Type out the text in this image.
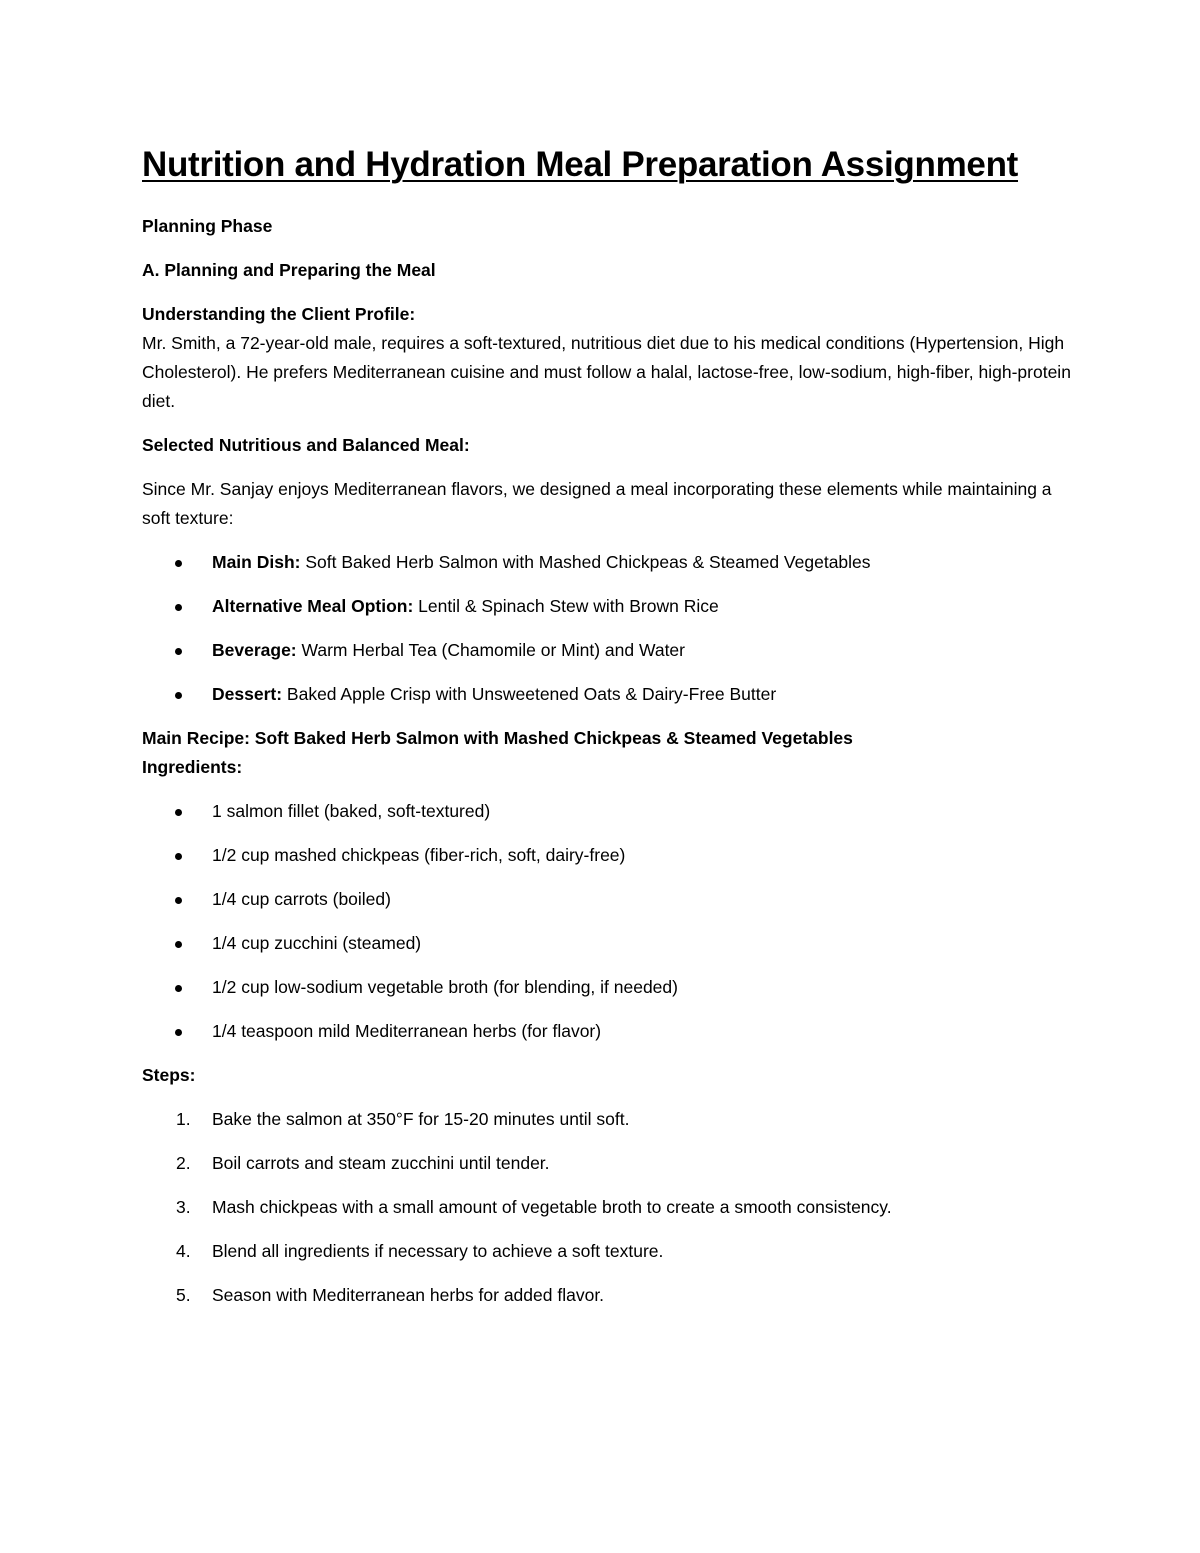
Nutrition and Hydration Meal Preparation Assignment
Planning Phase
A. Planning and Preparing the Meal
Understanding the Client Profile:

Mr. Smith, a 72-year-old male, requires a soft-textured, nutritious diet due to his medical conditions (Hypertension, High Cholesterol). He prefers Mediterranean cuisine and must follow a halal, lactose-free, low-sodium, high-fiber, high-protein diet.

Selected Nutritious and Balanced Meal:

Since Mr. Sanjay enjoys Mediterranean flavors, we designed a meal incorporating these elements while maintaining a soft texture:

Main Dish: Soft Baked Herb Salmon with Mashed Chickpeas & Steamed Vegetables
Alternative Meal Option: Lentil & Spinach Stew with Brown Rice
Beverage: Warm Herbal Tea (Chamomile or Mint) and Water
Dessert: Baked Apple Crisp with Unsweetened Oats & Dairy-Free Butter
Main Recipe: Soft Baked Herb Salmon with Mashed Chickpeas & Steamed Vegetables
Ingredients:
1 salmon fillet (baked, soft-textured)
1/2 cup mashed chickpeas (fiber-rich, soft, dairy-free)
1/4 cup carrots (boiled)
1/4 cup zucchini (steamed)
1/2 cup low-sodium vegetable broth (for blending, if needed)
1/4 teaspoon mild Mediterranean herbs (for flavor)
Steps:
1. Bake the salmon at 350°F for 15-20 minutes until soft.
2. Boil carrots and steam zucchini until tender.
3. Mash chickpeas with a small amount of vegetable broth to create a smooth consistency.
4. Blend all ingredients if necessary to achieve a soft texture.
5. Season with Mediterranean herbs for added flavor.
